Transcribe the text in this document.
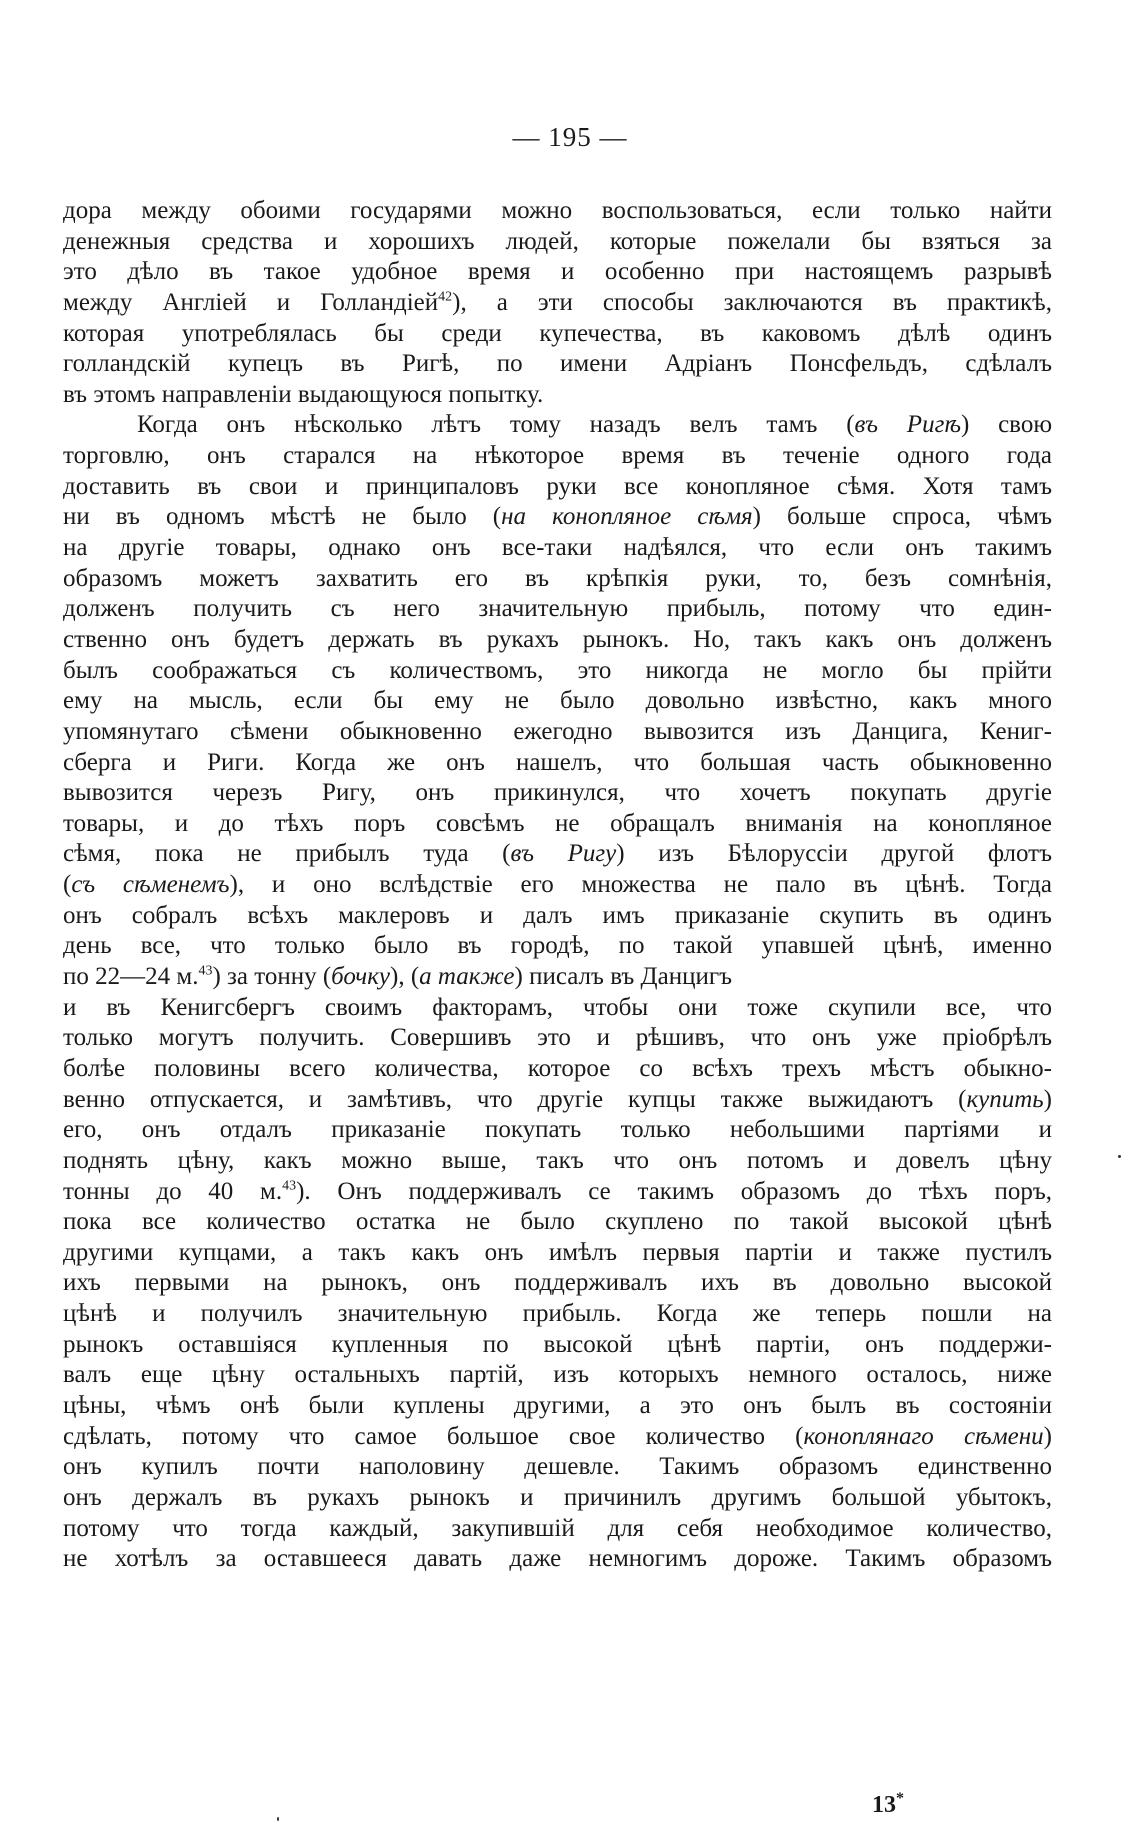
— 195 —
дора между обоими государями можно воспользоваться, если только найти
денежныя средства и хорошихъ людей, которые пожелали бы взяться за
это дѣло въ такое удобное время и особенно при настоящемъ разрывѣ
между Англіей и Голландіей$^{42}$), а эти способы заключаются въ практикѣ,
которая употреблялась бы среди купечества, въ каковомъ дѣлѣ одинъ
голландскій купецъ въ Ригѣ, по имени Адріанъ Понсфельдъ, сдѣлалъ
въ этомъ направленіи выдающуюся попытку.
Когда онъ нѣсколько лѣтъ тому назадъ велъ тамъ (въ Ригѣ) свою
торговлю, онъ старался на нѣкоторое время въ теченіе одного года
доставить въ свои и принципаловъ руки все конопляное сѣмя. Хотя тамъ
ни въ одномъ мѣстѣ не было (на конопляное сѣмя) больше спроса, чѣмъ
на другіе товары, однако онъ все-таки надѣялся, что если онъ такимъ
образомъ можетъ захватить его въ крѣпкія руки, то, безъ сомнѣнія,
долженъ получить съ него значительную прибыль, потому что един-
ственно онъ будетъ держать въ рукахъ рынокъ. Но, такъ какъ онъ долженъ
былъ соображаться съ количествомъ, это никогда не могло бы прійти
ему на мысль, если бы ему не было довольно извѣстно, какъ много
упомянутаго сѣмени обыкновенно ежегодно вывозится изъ Данцига, Кениг-
сберга и Риги. Когда же онъ нашелъ, что большая часть обыкновенно
вывозится черезъ Ригу, онъ прикинулся, что хочетъ покупать другіе
товары, и до тѣхъ поръ совсѣмъ не обращалъ вниманія на конопляное
сѣмя, пока не прибылъ туда (въ Ригу) изъ Бѣлоруссіи другой флотъ
(съ сѣменемъ), и оно вслѣдствіе его множества не пало въ цѣнѣ. Тогда
онъ собралъ всѣхъ маклеровъ и далъ имъ приказаніе скупить въ одинъ
день все, что только было въ городѣ, по такой упавшей цѣнѣ, именно
по 22—24 м.$^{43}$) за тонну (бочку), (а также) писалъ въ Данцигъ
и въ Кенигсбергъ своимъ факторамъ, чтобы они тоже скупили все, что
только могутъ получить. Совершивъ это и рѣшивъ, что онъ уже пріобрѣлъ
болѣе половины всего количества, которое со всѣхъ трехъ мѣстъ обыкно-
венно отпускается, и замѣтивъ, что другіе купцы также выжидаютъ (купить)
его, онъ отдалъ приказаніе покупать только небольшими партіями и
поднять цѣну, какъ можно выше, такъ что онъ потомъ и довелъ цѣну
тонны до 40 м.$^{43}$). Онъ поддерживалъ се такимъ образомъ до тѣхъ поръ,
пока все количество остатка не было скуплено по такой высокой цѣнѣ
другими купцами, а такъ какъ онъ имѣлъ первыя партіи и также пустилъ
ихъ первыми на рынокъ, онъ поддерживалъ ихъ въ довольно высокой
цѣнѣ и получилъ значительную прибыль. Когда же теперь пошли на
рынокъ оставшіяся купленныя по высокой цѣнѣ партіи, онъ поддержи-
валъ еще цѣну остальныхъ партій, изъ которыхъ немного осталось, ниже
цѣны, чѣмъ онѣ были куплены другими, а это онъ былъ въ состояніи
сдѣлать, потому что самое большое свое количество (коноплянаго сѣмени)
онъ купилъ почти наполовину дешевле. Такимъ образомъ единственно
онъ держалъ въ рукахъ рынокъ и причинилъ другимъ большой убытокъ,
потому что тогда каждый, закупившій для себя необходимое количество,
не хотѣлъ за оставшееся давать даже немногимъ дороже. Такимъ образомъ
13*
